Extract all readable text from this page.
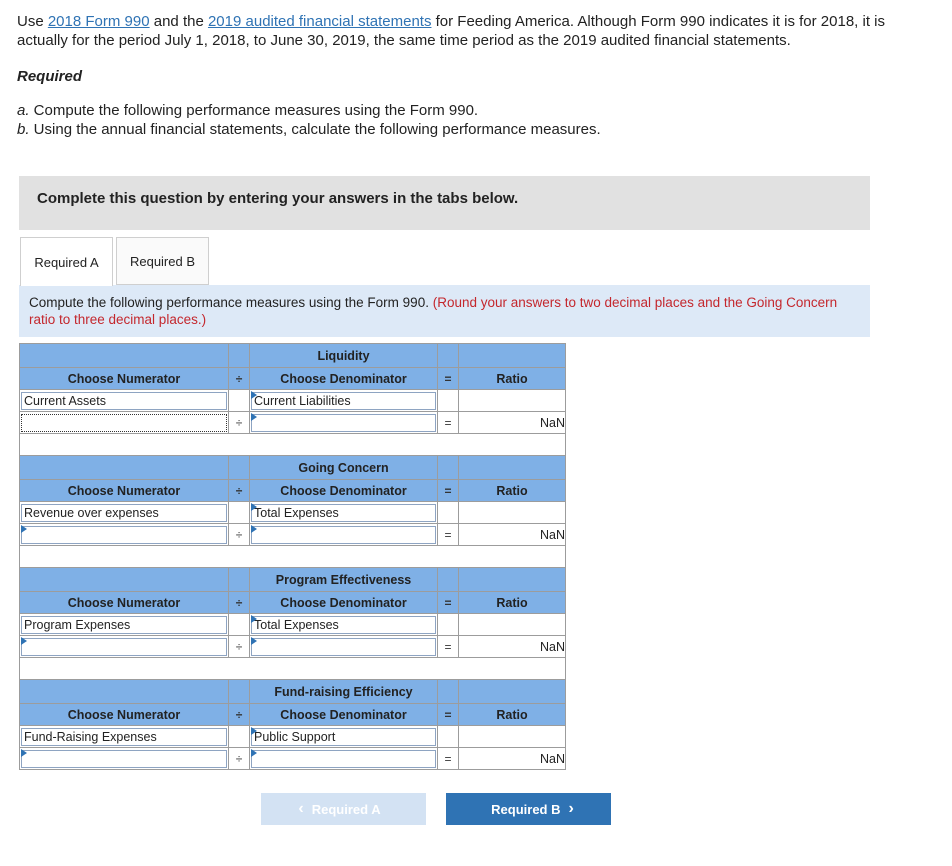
Use 2018 Form 990 and the 2019 audited financial statements for Feeding America. Although Form 990 indicates it is for 2018, it is actually for the period July 1, 2018, to June 30, 2019, the same time period as the 2019 audited financial statements.
Required
a. Compute the following performance measures using the Form 990.
b. Using the annual financial statements, calculate the following performance measures.
Complete this question by entering your answers in the tabs below.
Required A	Required B
Compute the following performance measures using the Form 990. (Round your answers to two decimal places and the Going Concern ratio to three decimal places.)
		Liquidity		
Choose Numerator	÷	Choose Denominator	=	Ratio

Current Assets		Current Liabilities		

	÷		=	NaN

		Going Concern		
Choose Numerator	÷	Choose Denominator	=	Ratio

Revenue over expenses		Total Expenses		

	÷		=	NaN

		Program Effectiveness		
Choose Numerator	÷	Choose Denominator	=	Ratio

Program Expenses		Total Expenses		

	÷		=	NaN

		Fund-raising Efficiency		
Choose Numerator	÷	Choose Denominator	=	Ratio

Fund-Raising Expenses		Public Support		

	÷		=	NaN
‹ Required A	Required B ›
